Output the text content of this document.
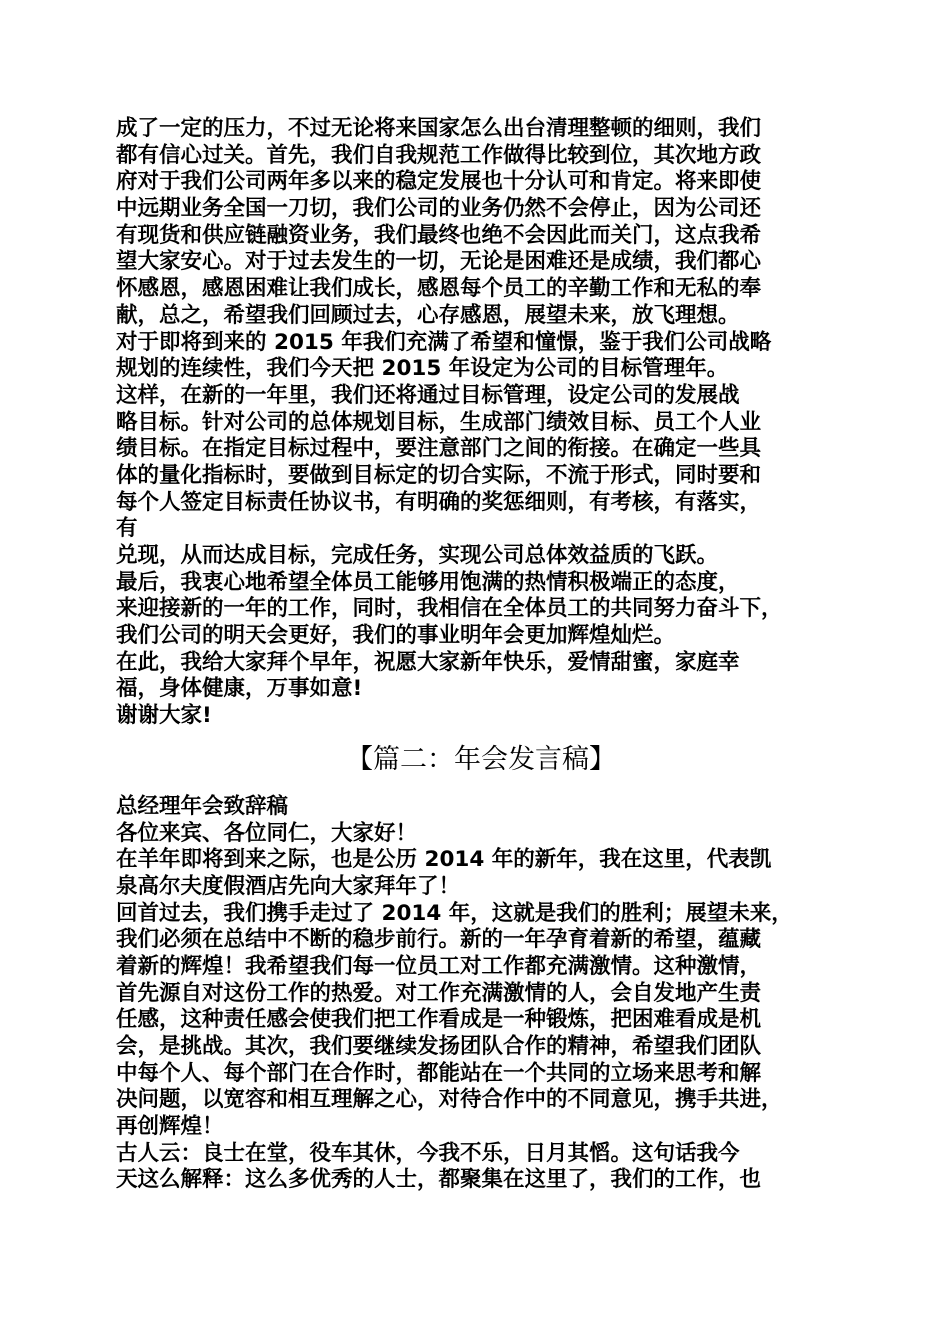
成了一定的压力，不过无论将来国家怎么出台清理整顿的细则，我们
都有信心过关。首先，我们自我规范工作做得比较到位，其次地方政
府对于我们公司两年多以来的稳定发展也十分认可和肯定。将来即使
中远期业务全国一刀切，我们公司的业务仍然不会停止，因为公司还
有现货和供应链融资业务，我们最终也绝不会因此而关门，这点我希
望大家安心。对于过去发生的一切，无论是困难还是成绩，我们都心
怀感恩，感恩困难让我们成长，感恩每个员工的辛勤工作和无私的奉
献，总之，希望我们回顾过去，心存感恩，展望未来，放飞理想。
对于即将到来的 2015 年我们充满了希望和憧憬，鉴于我们公司战略
规划的连续性，我们今天把 2015 年设定为公司的目标管理年。
这样，在新的一年里，我们还将通过目标管理，设定公司的发展战
略目标。针对公司的总体规划目标，生成部门绩效目标、员工个人业
绩目标。在指定目标过程中，要注意部门之间的衔接。在确定一些具
体的量化指标时，要做到目标定的切合实际，不流于形式，同时要和
每个人签定目标责任协议书，有明确的奖惩细则，有考核，有落实，
有
兑现，从而达成目标，完成任务，实现公司总体效益质的飞跃。
最后，我衷心地希望全体员工能够用饱满的热情积极端正的态度，
来迎接新的一年的工作，同时，我相信在全体员工的共同努力奋斗下，
我们公司的明天会更好，我们的事业明年会更加辉煌灿烂。
在此，我给大家拜个早年，祝愿大家新年快乐，爱情甜蜜，家庭幸
福，身体健康，万事如意!
谢谢大家!
【篇二：年会发言稿】
总经理年会致辞稿
各位来宾、各位同仁，大家好！
在羊年即将到来之际，也是公历 2014 年的新年，我在这里，代表凯
泉高尔夫度假酒店先向大家拜年了！
回首过去，我们携手走过了 2014 年，这就是我们的胜利；展望未来，
我们必须在总结中不断的稳步前行。新的一年孕育着新的希望，蕴藏
着新的辉煌！我希望我们每一位员工对工作都充满激情。这种激情，
首先源自对这份工作的热爱。对工作充满激情的人，会自发地产生责
任感，这种责任感会使我们把工作看成是一种锻炼，把困难看成是机
会，是挑战。其次，我们要继续发扬团队合作的精神，希望我们团队
中每个人、每个部门在合作时，都能站在一个共同的立场来思考和解
决问题，以宽容和相互理解之心，对待合作中的不同意见，携手共进，
再创辉煌！
古人云：良士在堂，役车其休，今我不乐，日月其慆。这句话我今
天这么解释：这么多优秀的人士，都聚集在这里了，我们的工作，也
